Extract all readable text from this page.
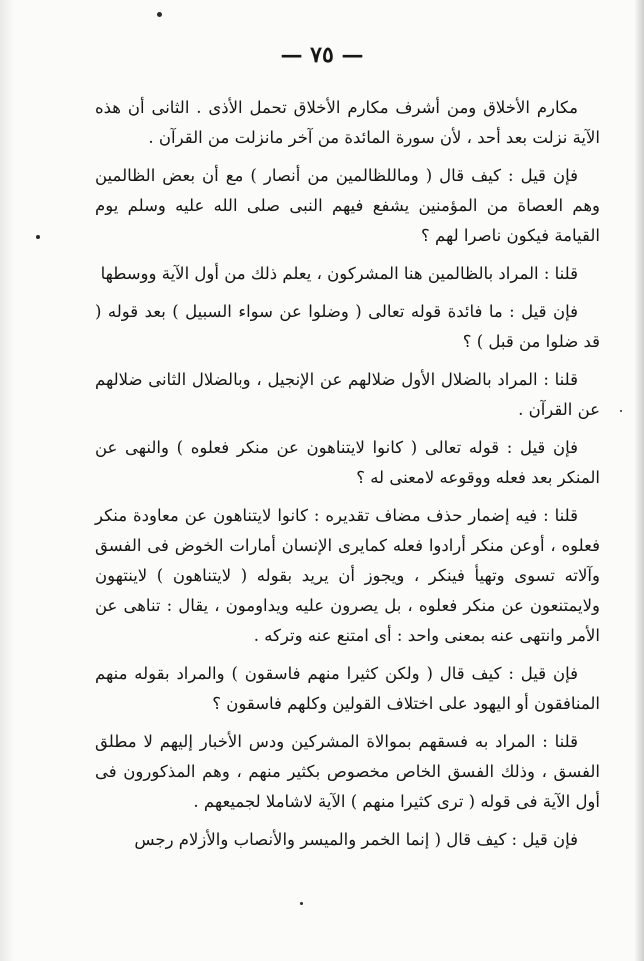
— ٧٥ —

مكارم الأخلاق ومن أشرف مكارم الأخلاق تحمل الأذى . الثانى أن هذه الآية نزلت بعد أحد ، لأن سورة المائدة من آخر مانزلت من القرآن .

فإن قيل : كيف قال ( وماللظالمين من أنصار ) مع أن بعض الظالمين وهم العصاة من المؤمنين يشفع فيهم النبى صلى الله عليه وسلم يوم القيامة فيكون ناصرا لهم ؟

قلنا : المراد بالظالمين هنا المشركون ، يعلم ذلك من أول الآية ووسطها

فإن قيل : ما فائدة قوله تعالى ( وضلوا عن سواء السبيل ) بعد قوله ( قد ضلوا من قبل ) ؟

قلنا : المراد بالضلال الأول ضلالهم عن الإنجيل ، وبالضلال الثانى ضلالهم عن القرآن .

فإن قيل : قوله تعالى ( كانوا لايتناهون عن منكر فعلوه ) والنهى عن المنكر بعد فعله ووقوعه لامعنى له ؟

قلنا : فيه إضمار حذف مضاف تقديره : كانوا لايتناهون عن معاودة منكر فعلوه ، أوعن منكر أرادوا فعله كمايرى الإنسان أمارات الخوض فى الفسق وآلاته تسوى وتهيأ فينكر ، ويجوز أن يريد بقوله ( لايتناهون ) لاينتهون ولايمتنعون عن منكر فعلوه ، بل يصرون عليه ويداومون ، يقال : تناهى عن الأمر وانتهى عنه بمعنى واحد : أى امتنع عنه وتركه .

فإن قيل : كيف قال ( ولكن كثيرا منهم فاسقون ) والمراد بقوله منهم المنافقون أو اليهود على اختلاف القولين وكلهم فاسقون ؟

قلنا : المراد به فسقهم بموالاة المشركين ودس الأخبار إليهم لا مطلق الفسق ، وذلك الفسق الخاص مخصوص بكثير منهم ، وهم المذكورون فى أول الآية فى قوله ( ترى كثيرا منهم ) الآية لاشاملا لجميعهم .

فإن قيل : كيف قال ( إنما الخمر والميسر والأنصاب والأزلام رجس
